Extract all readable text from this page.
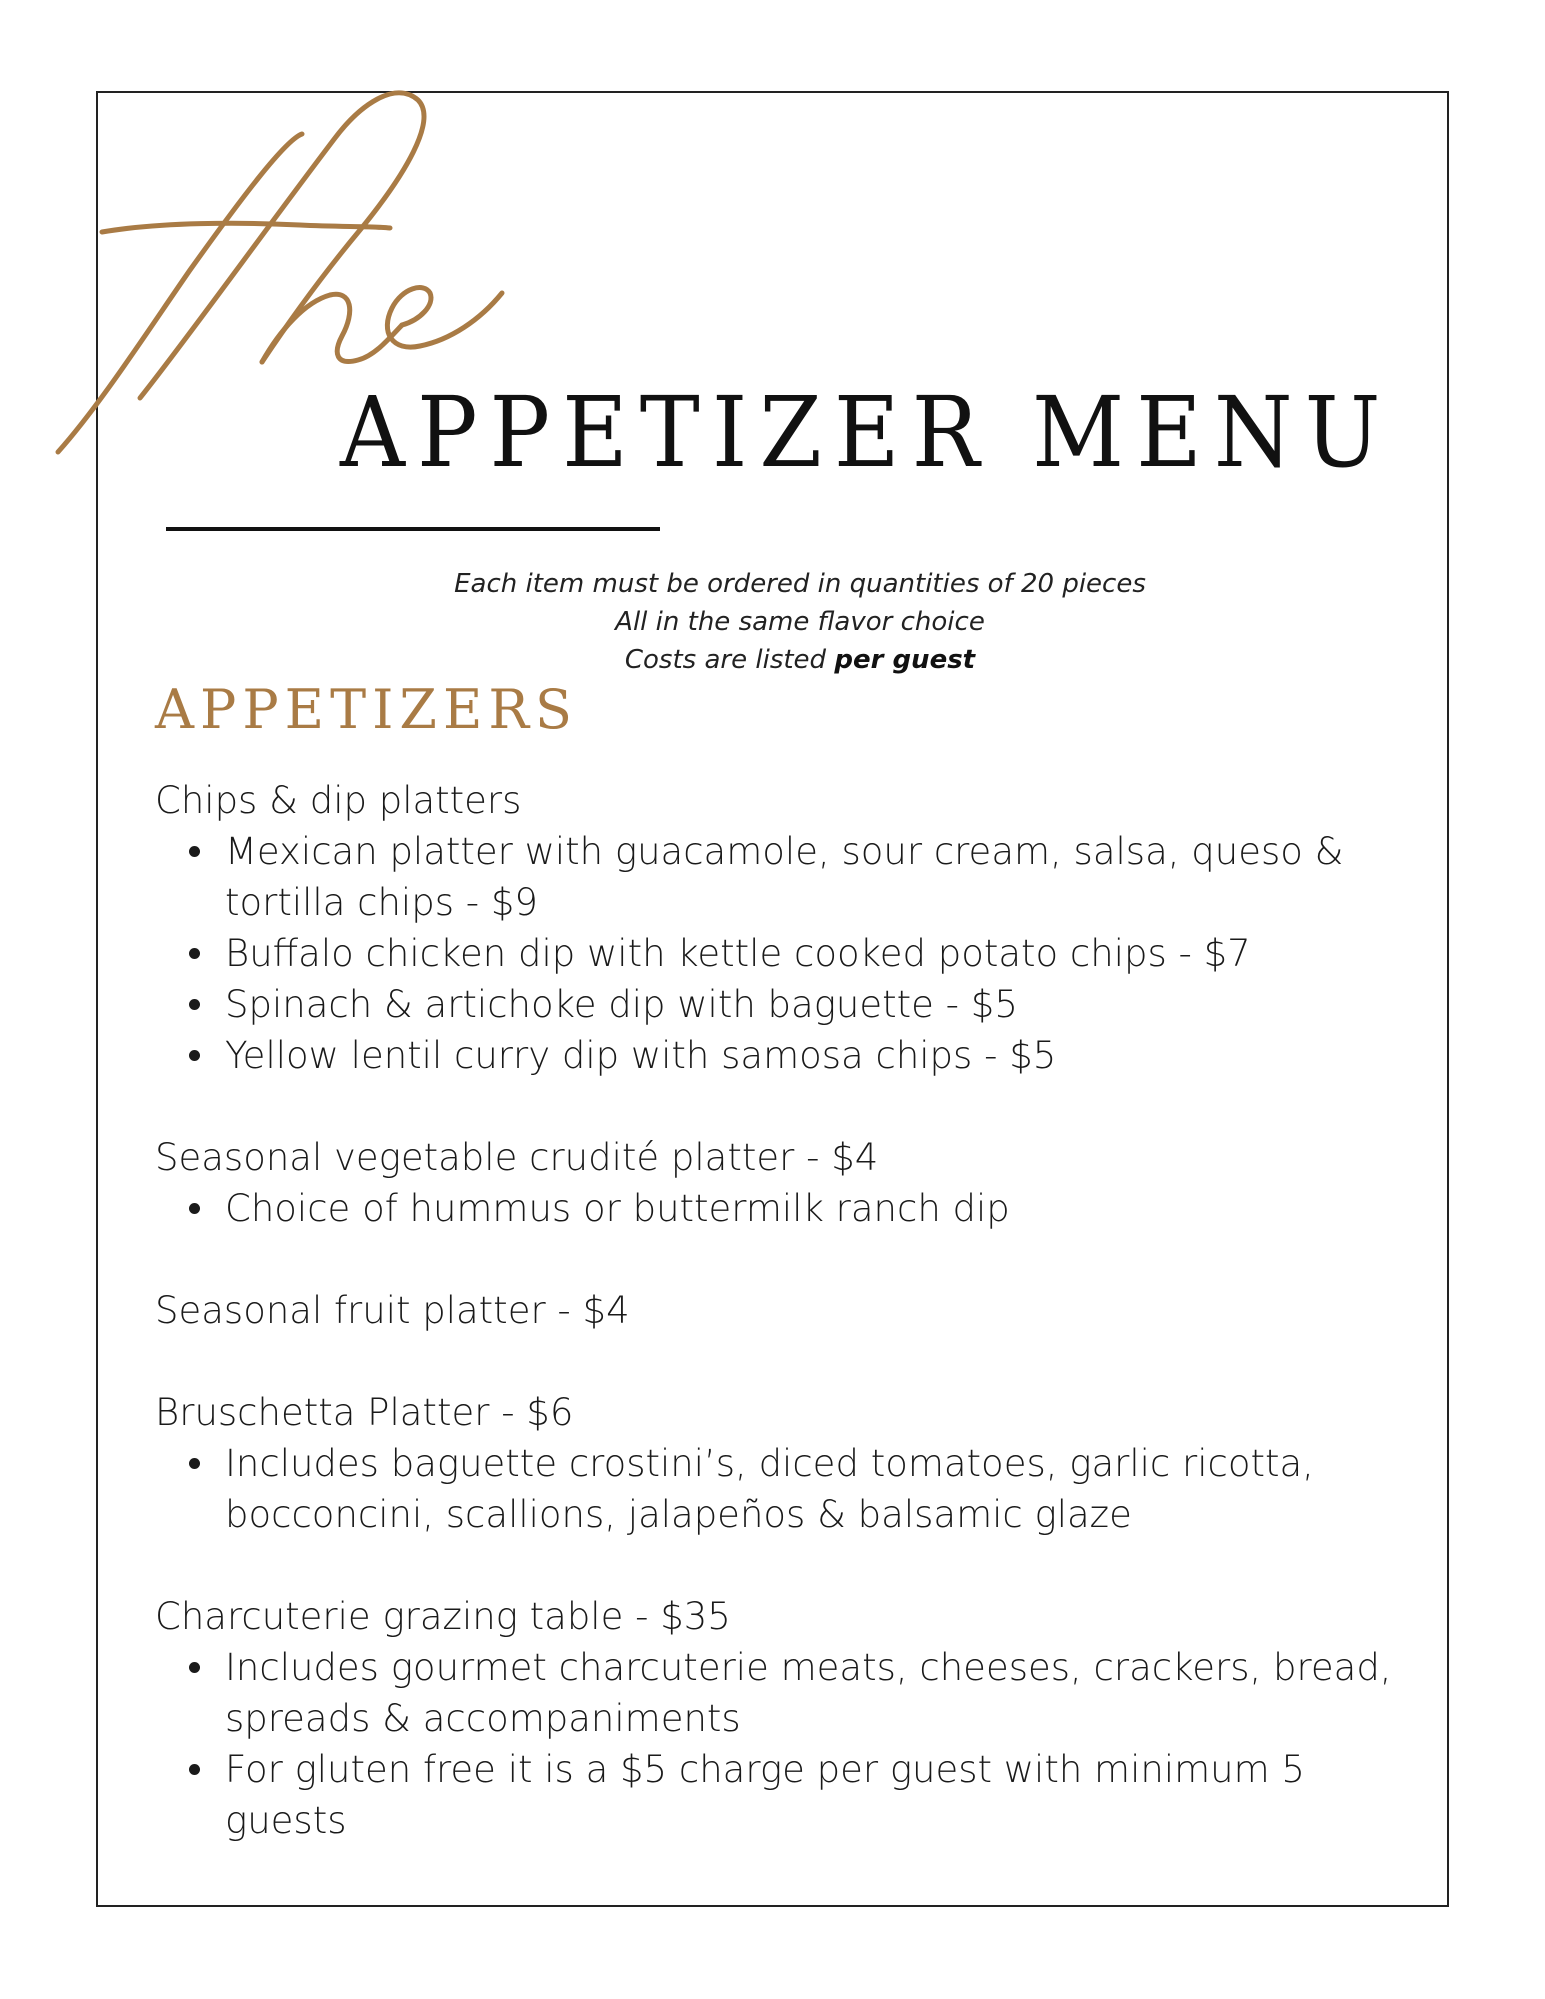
APPETIZER MENU
Each item must be ordered in quantities of 20 pieces
All in the same flavor choice
Costs are listed per guest
APPETIZERS
Chips & dip platters
Mexican platter with guacamole, sour cream, salsa, queso & tortilla chips - $9
Buffalo chicken dip with kettle cooked potato chips - $7
Spinach & artichoke dip with baguette - $5
Yellow lentil curry dip with samosa chips - $5
Seasonal vegetable crudité platter - $4
Choice of hummus or buttermilk ranch dip
Seasonal fruit platter - $4
Bruschetta Platter - $6
Includes baguette crostini’s, diced tomatoes, garlic ricotta, bocconcini, scallions, jalapeños & balsamic glaze
Charcuterie grazing table - $35
Includes gourmet charcuterie meats, cheeses, crackers, bread, spreads & accompaniments
For gluten free it is a $5 charge per guest with minimum 5 guests
